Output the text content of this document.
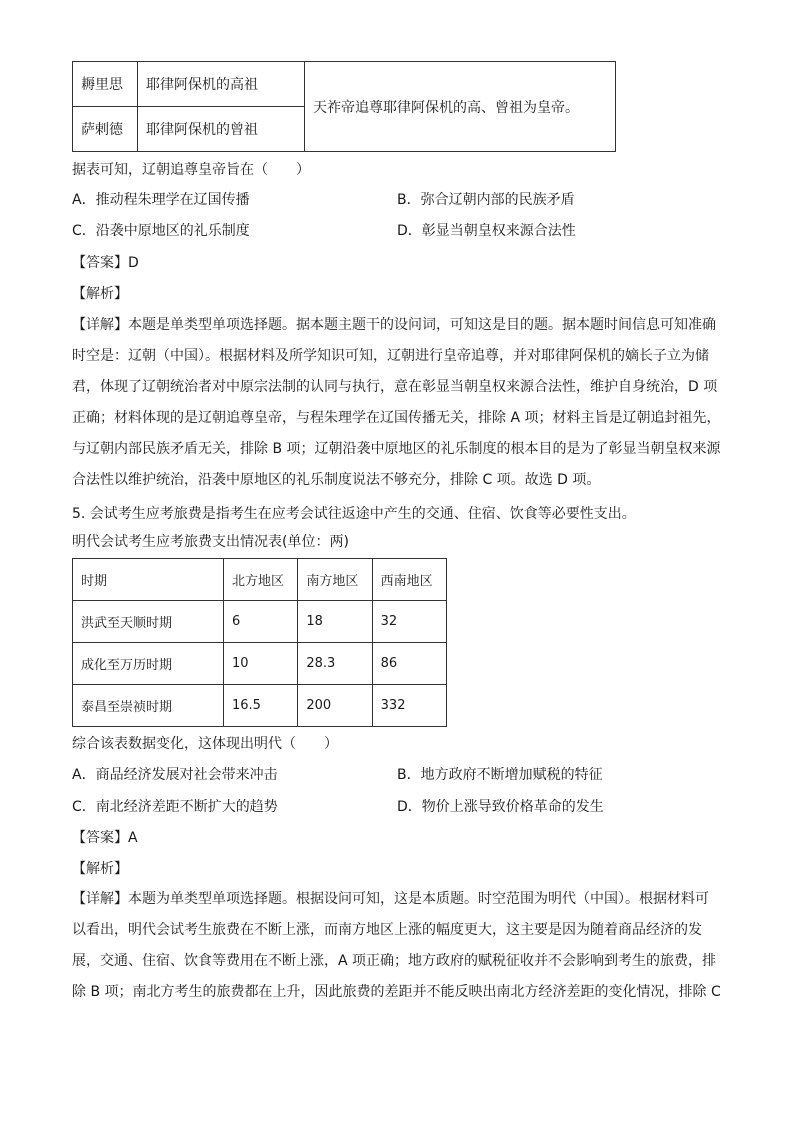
耨里思	耶律阿保机的高祖	天祚帝追尊耶律阿保机的高、曾祖为皇帝。
萨剌德	耶律阿保机的曾祖	
据表可知，辽朝追尊皇帝旨在（　　）
A．推动程朱理学在辽国传播	B．弥合辽朝内部的民族矛盾
C．沿袭中原地区的礼乐制度	D．彰显当朝皇权来源合法性
【答案】D
【解析】
【详解】本题是单类型单项选择题。据本题主题干的设问词，可知这是目的题。据本题时间信息可知准确
时空是：辽朝（中国）。根据材料及所学知识可知，辽朝进行皇帝追尊，并对耶律阿保机的嫡长子立为储
君，体现了辽朝统治者对中原宗法制的认同与执行，意在彰显当朝皇权来源合法性，维护自身统治，D 项
正确；材料体现的是辽朝追尊皇帝，与程朱理学在辽国传播无关，排除 A 项；材料主旨是辽朝追封祖先，
与辽朝内部民族矛盾无关，排除 B 项；辽朝沿袭中原地区的礼乐制度的根本目的是为了彰显当朝皇权来源
合法性以维护统治，沿袭中原地区的礼乐制度说法不够充分，排除 C 项。故选 D 项。
5. 会试考生应考旅费是指考生在应考会试往返途中产生的交通、住宿、饮食等必要性支出。
明代会试考生应考旅费支出情况表(单位：两)
时期	北方地区	南方地区	西南地区
洪武至天顺时期	6	18	32
成化至万历时期	10	28.3	86
泰昌至崇祯时期	16.5	200	332
综合该表数据变化，这体现出明代（　　）
A．商品经济发展对社会带来冲击	B．地方政府不断增加赋税的特征
C．南北经济差距不断扩大的趋势	D．物价上涨导致价格革命的发生
【答案】A
【解析】
【详解】本题为单类型单项选择题。根据设问可知，这是本质题。时空范围为明代（中国）。根据材料可
以看出，明代会试考生旅费在不断上涨，而南方地区上涨的幅度更大，这主要是因为随着商品经济的发
展，交通、住宿、饮食等费用在不断上涨，A 项正确；地方政府的赋税征收并不会影响到考生的旅费，排
除 B 项；南北方考生的旅费都在上升，因此旅费的差距并不能反映出南北方经济差距的变化情况，排除 C
